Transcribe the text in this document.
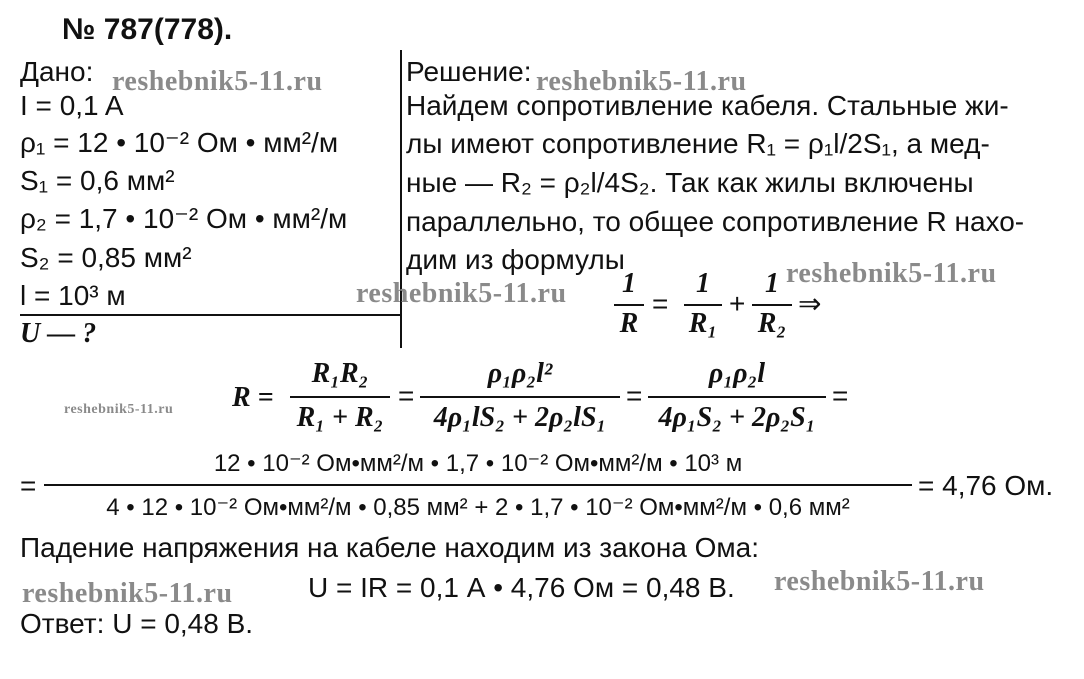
№ 787(778).
Дано:
I = 0,1 A
ρ₁ = 12 • 10⁻² Ом • мм²/м
S₁ = 0,6 мм²
ρ₂ = 1,7 • 10⁻² Ом • мм²/м
S₂ = 0,85 мм²
l = 10³ м
U — ?
Решение:
Найдем сопротивление кабеля. Стальные жи-
лы имеют сопротивление R₁ = ρ₁l/2S₁, а мед-
ные — R₂ = ρ₂l/4S₂. Так как жилы включены
параллельно, то общее сопротивление R нахо-
дим из формулы
1
R
=
1
R₁
+
1
R₂
⇒
R =
R₁R₂
R₁ + R₂
=
ρ₁ρ₂l²
4ρ₁lS₂ + 2ρ₂lS₁
=
ρ₁ρ₂l
4ρ₁S₂ + 2ρ₂S₁
=
=
12 • 10⁻² Ом•мм²/м • 1,7 • 10⁻² Ом•мм²/м • 10³ м
4 • 12 • 10⁻² Ом•мм²/м • 0,85 мм² + 2 • 1,7 • 10⁻² Ом•мм²/м • 0,6 мм²
= 4,76 Ом.
Падение напряжения на кабеле находим из закона Ома:
U = IR = 0,1 А • 4,76 Ом = 0,48 В.
Ответ: U = 0,48 В.
reshebnik5-11.ru	reshebnik5-11.ru
reshebnik5-11.ru
reshebnik5-11.ru
reshebnik5-11.ru
reshebnik5-11.ru	reshebnik5-11.ru
